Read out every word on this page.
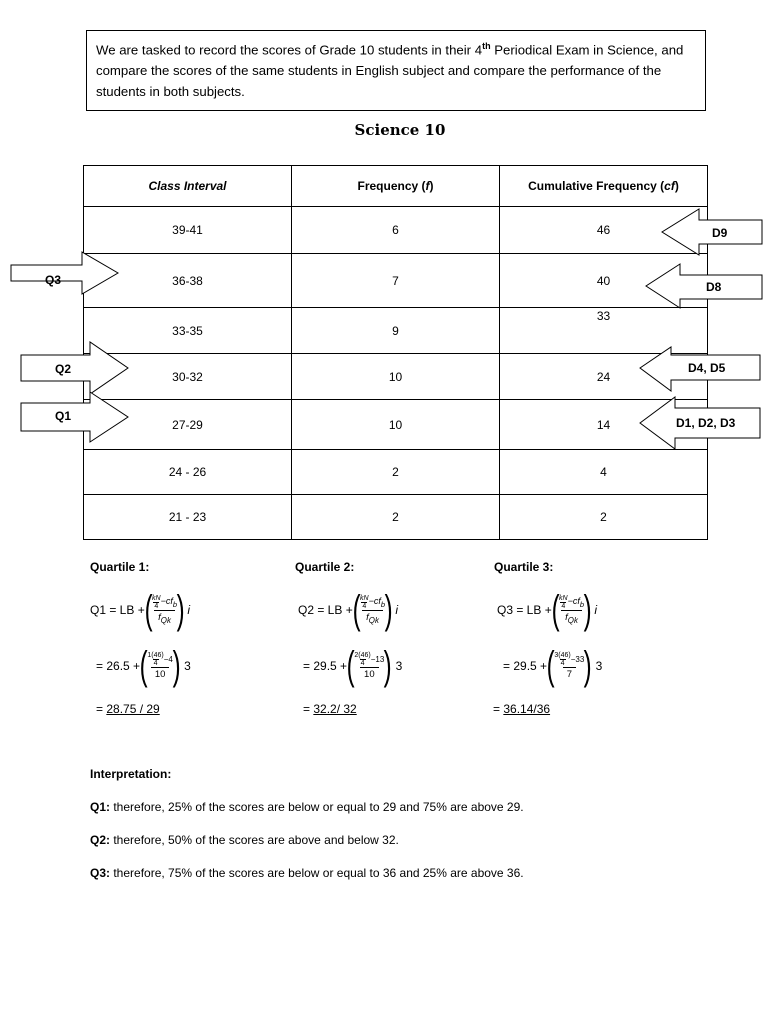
We are tasked to record the scores of Grade 10 students in their 4th Periodical Exam in Science, and compare the scores of the same students in English subject and compare the performance of the students in both subjects.
Science 10
Class Interval	Frequency (f)	Cumulative Frequency (cf)
39-41	6	46
36-38	7	40
33-35	9	33
30-32	10	24
27-29	10	14
24 - 26	2	4
21 - 23	2	2
Q3
Q2
Q1
D9
D8
D4, D5
D1, D2, D3
Quartile 1:	Quartile 2:	Quartile 3:
Q1 = LB + ( kN
4
$-cf_b$
$f_{Qk}$ ) i	Q2 = LB + ( kN
4
$-cf_b$
$f_{Qk}$ ) i	Q3 = LB + ( kN
4
$-cf_b$
$f_{Qk}$ ) i
= 26.5 + ( 1(46)
4 −4
10 ) 3	= 29.5 + ( 2(46)
4 −13
10 ) 3	= 29.5 + ( 3(46)
4 −33
7 ) 3
= 28.75 / 29	= 32.2/ 32	= 36.14/36
Interpretation:
Q1: therefore, 25% of the scores are below or equal to 29 and 75% are above 29.
Q2: therefore, 50% of the scores are above and below 32.
Q3: therefore, 75% of the scores are below or equal to 36 and 25% are above 36.
